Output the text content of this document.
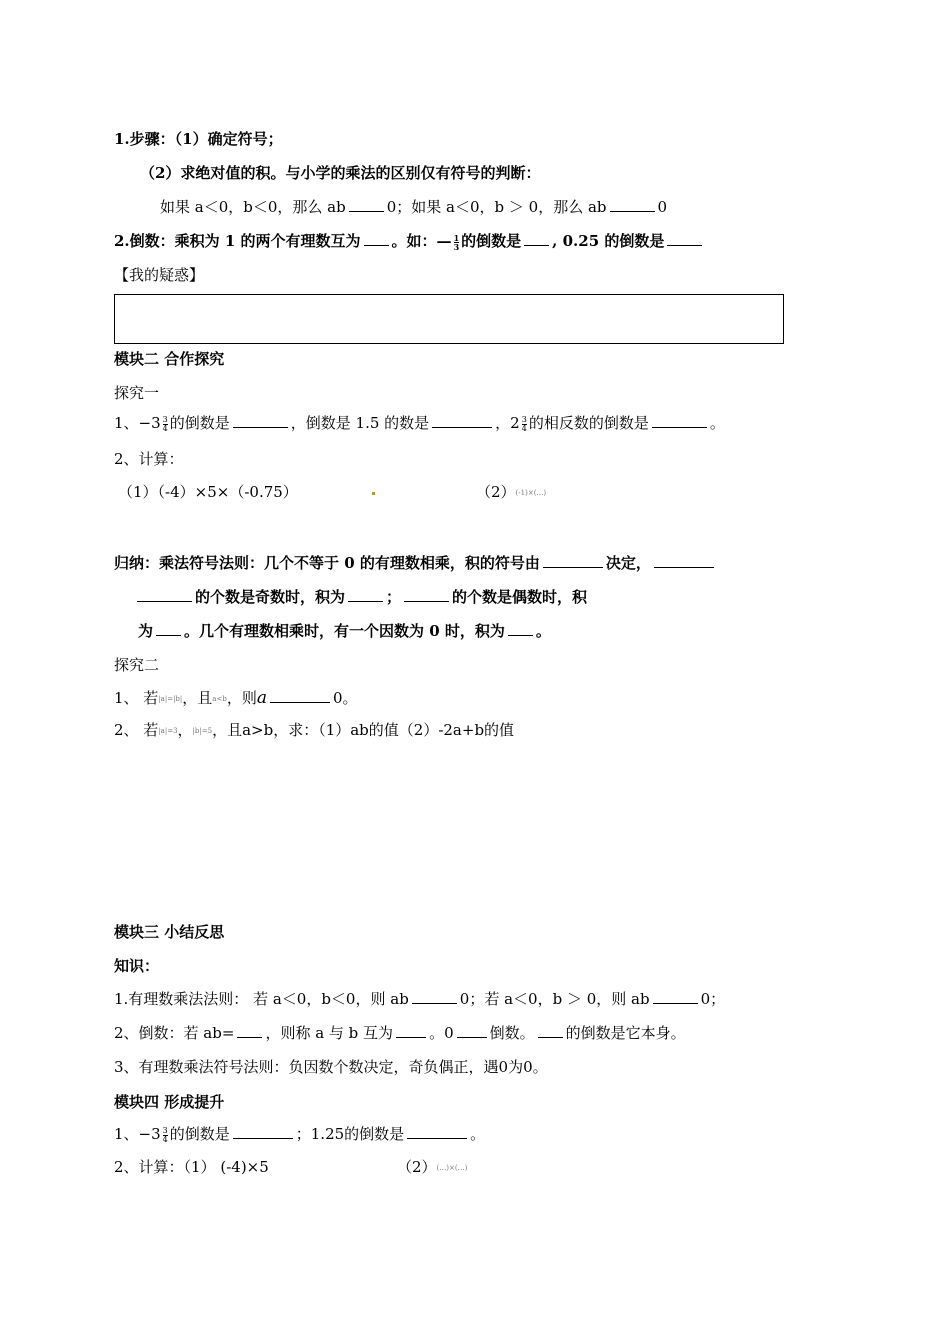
1.步骤：（1）确定符号；
（2）求绝对值的积。与小学的乘法的区别仅有符号的判断：
如果 a＜0，b＜0，那么 ab	0；如果 a＜0，b ＞ 0，那么 ab	0
2.倒数：乘积为 1 的两个有理数互为 。如：— $\frac{1}{3}$ 的倒数是 , 0.25 的倒数是
【我的疑惑】
模块二 合作探究
探究一
1、$-3 \frac{3}{4}$ 的倒数是	，倒数是 1.5 的数是	，$2 \frac{3}{4}$ 的相反数的倒数是	。
2、计算：
（1）（-4）×5×（-0.75）	（2）(-1)×(…)
归纳：乘法符号法则：几个不等于 0 的有理数相乘，积的符号由	决定，
的个数是奇数时，积为	；	的个数是偶数时，积
为 。几个有理数相乘时，有一个因数为 0 时，积为 。
探究二
1、 若|a|=|b|，且a<b，则a	0。
2、 若|a|=3，|b|=5，且a>b，求：（1）ab的值（2）-2a+b的值
模块三 小结反思
知识：
1.有理数乘法法则： 若 a＜0，b＜0，则 ab	0；若 a＜0，b ＞ 0，则 ab	0；
2、倒数：若 ab= ，则称 a 与 b 互为 。0 倒数。 的倒数是它本身。
3、有理数乘法符号法则：负因数个数决定，奇负偶正，遇0为0。
模块四 形成提升
1、$-3 \frac{3}{4}$ 的倒数是	；1.25的倒数是	。
2、计算：（1） (-4)×5	（2）(…)×(…)
